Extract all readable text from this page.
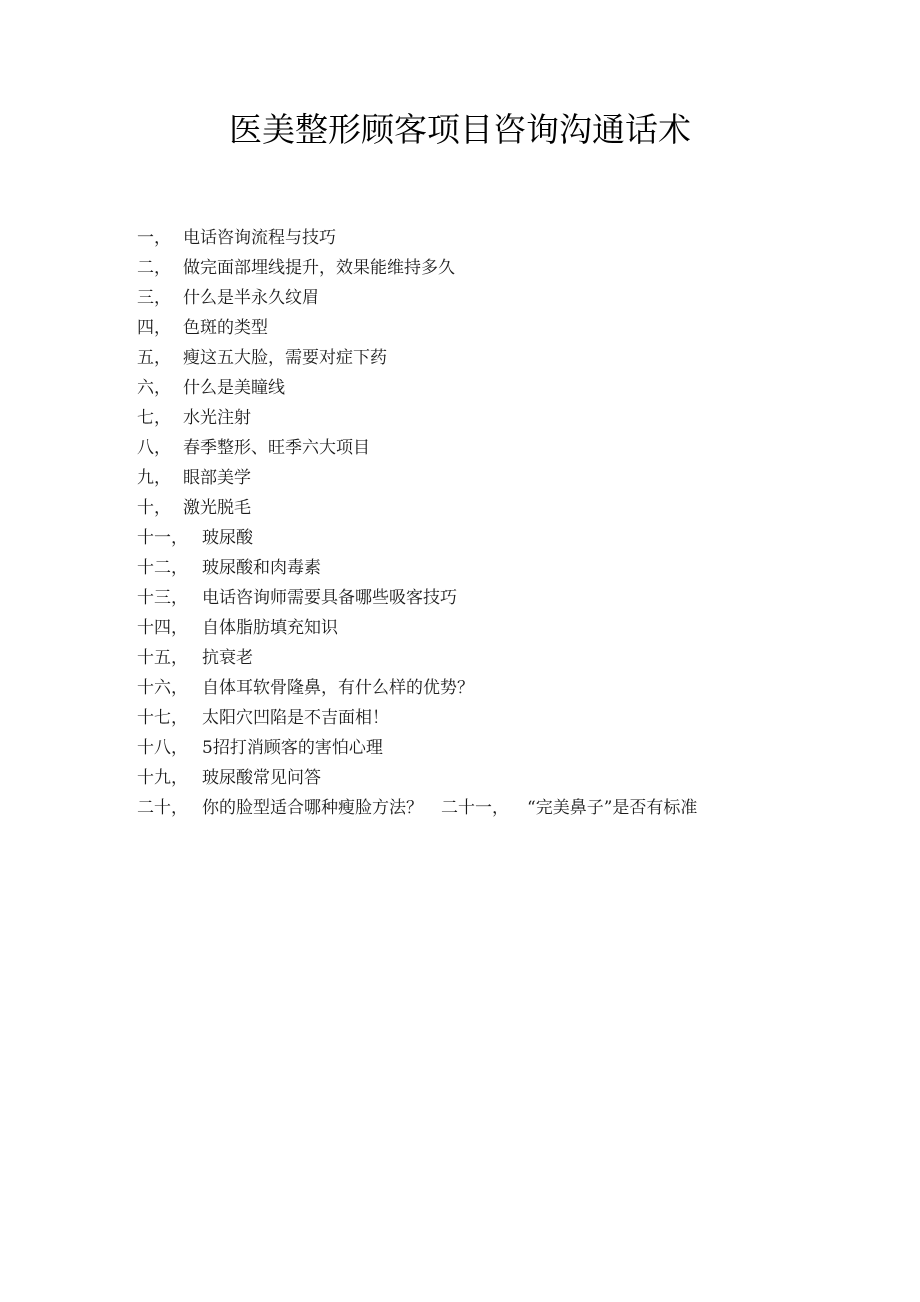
医美整形顾客项目咨询沟通话术
一， 电话咨询流程与技巧
二， 做完面部埋线提升，效果能维持多久
三， 什么是半永久纹眉
四， 色斑的类型
五， 瘦这五大脸，需要对症下药
六， 什么是美瞳线
七， 水光注射
八， 春季整形、旺季六大项目
九， 眼部美学
十， 激光脱毛
十一， 玻尿酸
十二， 玻尿酸和肉毒素
十三， 电话咨询师需要具备哪些吸客技巧
十四， 自体脂肪填充知识
十五， 抗衰老
十六， 自体耳软骨隆鼻，有什么样的优势？
十七， 太阳穴凹陷是不吉面相！
十八， 5招打消顾客的害怕心理
十九， 玻尿酸常见问答
二十， 你的脸型适合哪种瘦脸方法？ 二十一， “完美鼻子”是否有标准
